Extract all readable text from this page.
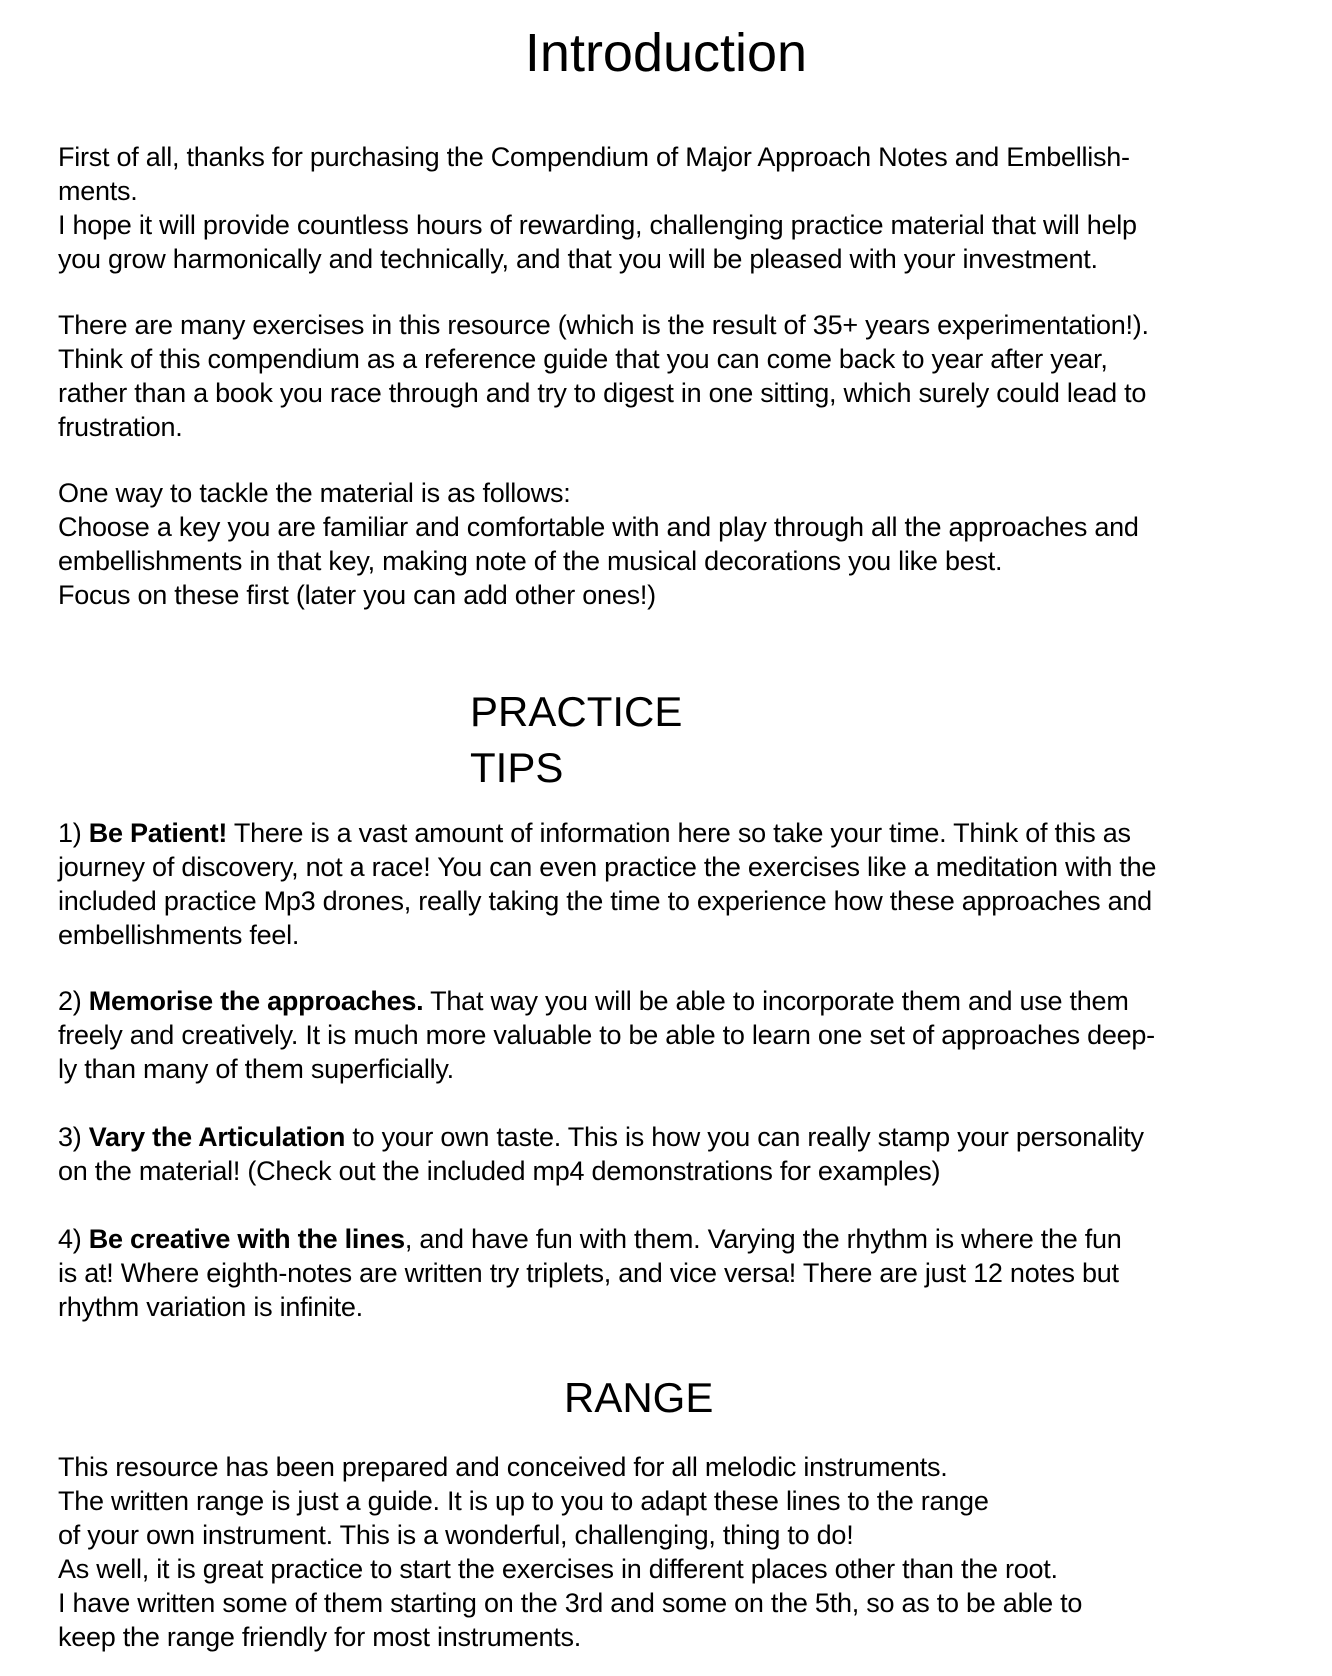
Introduction
First of all, thanks for purchasing the Compendium of Major Approach Notes and Embellish-
ments.
I hope it will provide countless hours of rewarding, challenging practice material that will help
you grow harmonically and technically, and that you will be pleased with your investment.
There are many exercises in this resource (which is the result of 35+ years experimentation!).
Think of this compendium as a reference guide that you can come back to year after year,
rather than a book you race through and try to digest in one sitting, which surely could lead to
frustration.
One way to tackle the material is as follows:
Choose a key you are familiar and comfortable with and play through all the approaches and
embellishments in that key, making note of the musical decorations you like best.
Focus on these first (later you can add other ones!)
PRACTICE TIPS
1) Be Patient! There is a vast amount of information here so take your time. Think of this as
journey of discovery, not a race! You can even practice the exercises like a meditation with the
included practice Mp3 drones, really taking the time to experience how these approaches and
embellishments feel.
2) Memorise the approaches. That way you will be able to incorporate them and use them
freely and creatively. It is much more valuable to be able to learn one set of approaches deep-
ly than many of them superficially.
3) Vary the Articulation to your own taste. This is how you can really stamp your personality
on the material! (Check out the included mp4 demonstrations for examples)
4) Be creative with the lines, and have fun with them. Varying the rhythm is where the fun
is at! Where eighth-notes are written try triplets, and vice versa! There are just 12 notes but
rhythm variation is infinite.
RANGE
This resource has been prepared and conceived for all melodic instruments.
The written range is just a guide. It is up to you to adapt these lines to the range
of your own instrument. This is a wonderful, challenging, thing to do!
As well, it is great practice to start the exercises in different places other than the root.
I have written some of them starting on the 3rd and some on the 5th, so as to be able to
keep the range friendly for most instruments.
